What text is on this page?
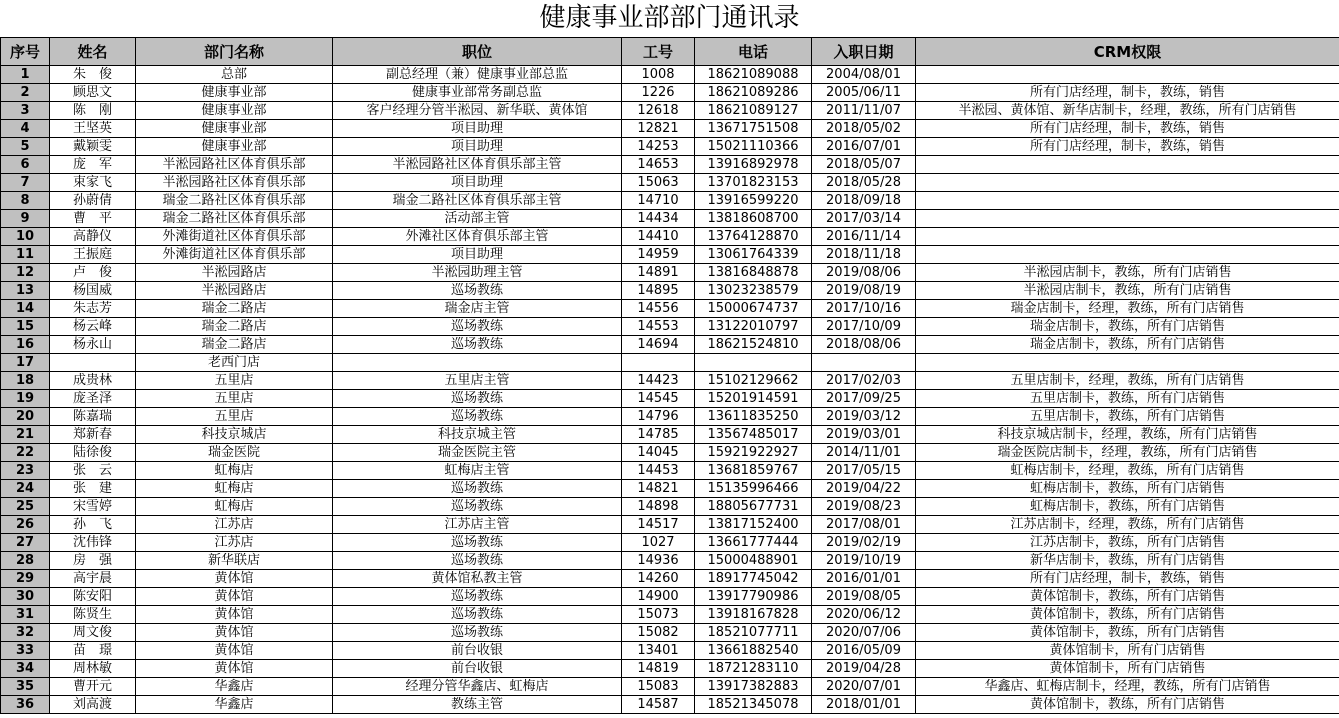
健康事业部部门通讯录
序号	姓名	部门名称	职位	工号	电话	入职日期	CRM权限
1	朱　俊	总部	副总经理（兼）健康事业部总监	1008	18621089088	2004/08/01	
2	顾思文	健康事业部	健康事业部常务副总监	1226	18621089286	2005/06/11	所有门店经理，制卡，教练，销售
3	陈　刚	健康事业部	客户经理分管半淞园、新华联、黄体馆	12618	18621089127	2011/11/07	半淞园、黄体馆、新华店制卡，经理，教练，所有门店销售
4	王坚英	健康事业部	项目助理	12821	13671751508	2018/05/02	所有门店经理，制卡，教练，销售
5	戴颖雯	健康事业部	项目助理	14253	15021110366	2016/07/01	所有门店经理，制卡，教练，销售
6	庞　军	半淞园路社区体育俱乐部	半淞园路社区体育俱乐部主管	14653	13916892978	2018/05/07	
7	束家飞	半淞园路社区体育俱乐部	项目助理	15063	13701823153	2018/05/28	
8	孙蔚倩	瑞金二路社区体育俱乐部	瑞金二路社区体育俱乐部主管	14710	13916599220	2018/09/18	
9	曹　平	瑞金二路社区体育俱乐部	活动部主管	14434	13818608700	2017/03/14	
10	高静仪	外滩街道社区体育俱乐部	外滩社区体育俱乐部主管	14410	13764128870	2016/11/14	
11	王振庭	外滩街道社区体育俱乐部	项目助理	14959	13061764339	2018/11/18	
12	卢　俊	半淞园路店	半淞园助理主管	14891	13816848878	2019/08/06	半淞园店制卡，教练，所有门店销售
13	杨国威	半淞园路店	巡场教练	14895	13023238579	2019/08/19	半淞园店制卡，教练，所有门店销售
14	朱志芳	瑞金二路店	瑞金店主管	14556	15000674737	2017/10/16	瑞金店制卡，经理，教练，所有门店销售
15	杨云峰	瑞金二路店	巡场教练	14553	13122010797	2017/10/09	瑞金店制卡，教练，所有门店销售
16	杨永山	瑞金二路店	巡场教练	14694	18621524810	2018/08/06	瑞金店制卡，教练，所有门店销售
17		老西门店					
18	成贵林	五里店	五里店主管	14423	15102129662	2017/02/03	五里店制卡，经理，教练，所有门店销售
19	庞圣泽	五里店	巡场教练	14545	15201914591	2017/09/25	五里店制卡，教练，所有门店销售
20	陈嘉瑞	五里店	巡场教练	14796	13611835250	2019/03/12	五里店制卡，教练，所有门店销售
21	郑新春	科技京城店	科技京城主管	14785	13567485017	2019/03/01	科技京城店制卡，经理，教练，所有门店销售
22	陆徐俊	瑞金医院	瑞金医院主管	14045	15921922927	2014/11/01	瑞金医院店制卡，经理，教练，所有门店销售
23	张　云	虹梅店	虹梅店主管	14453	13681859767	2017/05/15	虹梅店制卡，经理，教练，所有门店销售
24	张　建	虹梅店	巡场教练	14821	15135996466	2019/04/22	虹梅店制卡，教练，所有门店销售
25	宋雪婷	虹梅店	巡场教练	14898	18805677731	2019/08/23	虹梅店制卡，教练，所有门店销售
26	孙　飞	江苏店	江苏店主管	14517	13817152400	2017/08/01	江苏店制卡，经理，教练，所有门店销售
27	沈伟锋	江苏店	巡场教练	1027	13661777444	2019/02/19	江苏店制卡，教练，所有门店销售
28	房　强	新华联店	巡场教练	14936	15000488901	2019/10/19	新华店制卡，教练，所有门店销售
29	高宇晨	黄体馆	黄体馆私教主管	14260	18917745042	2016/01/01	所有门店经理，制卡，教练，销售
30	陈安阳	黄体馆	巡场教练	14900	13917790986	2019/08/05	黄体馆制卡，教练，所有门店销售
31	陈贤生	黄体馆	巡场教练	15073	13918167828	2020/06/12	黄体馆制卡，教练，所有门店销售
32	周文俊	黄体馆	巡场教练	15082	18521077711	2020/07/06	黄体馆制卡，教练，所有门店销售
33	苗　璟	黄体馆	前台收银	13401	13661882540	2016/05/09	黄体馆制卡，所有门店销售
34	周林敏	黄体馆	前台收银	14819	18721283110	2019/04/28	黄体馆制卡，所有门店销售
35	曹开元	华鑫店	经理分管华鑫店、虹梅店	15083	13917382883	2020/07/01	华鑫店、虹梅店制卡，经理，教练，所有门店销售
36	刘高渡	华鑫店	教练主管	14587	18521345078	2018/01/01	黄体馆制卡，教练，所有门店销售
